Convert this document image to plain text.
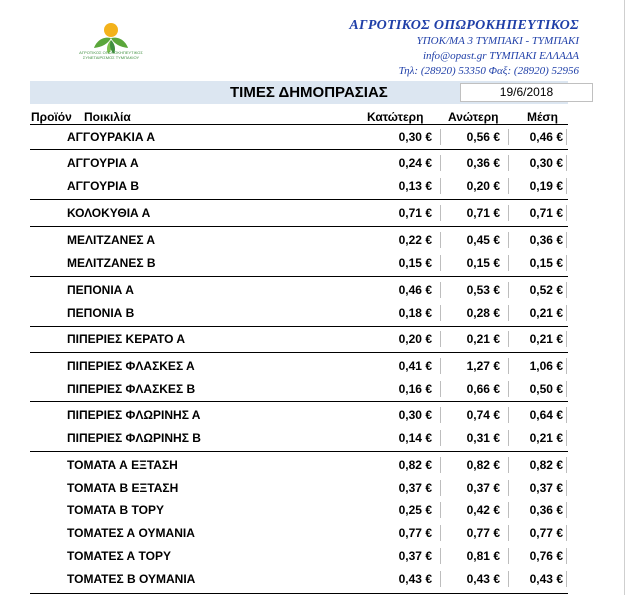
ΑΓΡΟΤΙΚΟΣ ΟΠΩΡΟΚΗΠΕΥΤΙΚΟΣ ΣΥΝΕΤΑΙΡΙΣΜΟΣ ΤΥΜΠΑΚΙΟΥ
ΑΓΡΟΤΙΚΟΣ ΟΠΩΡΟΚΗΠΕΥΤΙΚΟΣ
ΥΠΟΚ/ΜΑ 3 ΤΥΜΠΑΚΙ - ΤΥΜΠΑΚΙ
info@opast.gr ΤΥΜΠΑΚΙ ΕΛΛΑΔΑ
Τηλ: (28920) 53350 Φαξ: (28920) 52956
ΤΙΜΕΣ ΔΗΜΟΠΡΑΣΙΑΣ	19/6/2018
Προϊόν Ποικιλία	Κατώτερη Ανώτερη Μέση
ΑΓΓΟΥΡΑΚΙΑ Α	0,30 €	0,56 €	0,46 €
ΑΓΓΟΥΡΙΑ Α	0,24 €	0,36 €	0,30 €
ΑΓΓΟΥΡΙΑ Β	0,13 €	0,20 €	0,19 €
ΚΟΛΟΚΥΘΙΑ Α	0,71 €	0,71 €	0,71 €
ΜΕΛΙΤΖΑΝΕΣ Α	0,22 €	0,45 €	0,36 €
ΜΕΛΙΤΖΑΝΕΣ Β	0,15 €	0,15 €	0,15 €
ΠΕΠΟΝΙΑ Α	0,46 €	0,53 €	0,52 €
ΠΕΠΟΝΙΑ Β	0,18 €	0,28 €	0,21 €
ΠΙΠΕΡΙΕΣ ΚΕΡΑΤΟ Α	0,20 €	0,21 €	0,21 €
ΠΙΠΕΡΙΕΣ ΦΛΑΣΚΕΣ Α	0,41 €	1,27 €	1,06 €
ΠΙΠΕΡΙΕΣ ΦΛΑΣΚΕΣ Β	0,16 €	0,66 €	0,50 €
ΠΙΠΕΡΙΕΣ ΦΛΩΡΙΝΗΣ Α	0,30 €	0,74 €	0,64 €
ΠΙΠΕΡΙΕΣ ΦΛΩΡΙΝΗΣ Β	0,14 €	0,31 €	0,21 €
ΤΟΜΑΤΑ Α ΕΞΤΑΣΗ	0,82 €	0,82 €	0,82 €
ΤΟΜΑΤΑ Β ΕΞΤΑΣΗ	0,37 €	0,37 €	0,37 €
ΤΟΜΑΤΑ Β ΤΟΡΥ	0,25 €	0,42 €	0,36 €
ΤΟΜΑΤΕΣ Α ΟΥΜΑΝΙΑ	0,77 €	0,77 €	0,77 €
ΤΟΜΑΤΕΣ Α ΤΟΡΥ	0,37 €	0,81 €	0,76 €
ΤΟΜΑΤΕΣ Β ΟΥΜΑΝΙΑ	0,43 €	0,43 €	0,43 €
